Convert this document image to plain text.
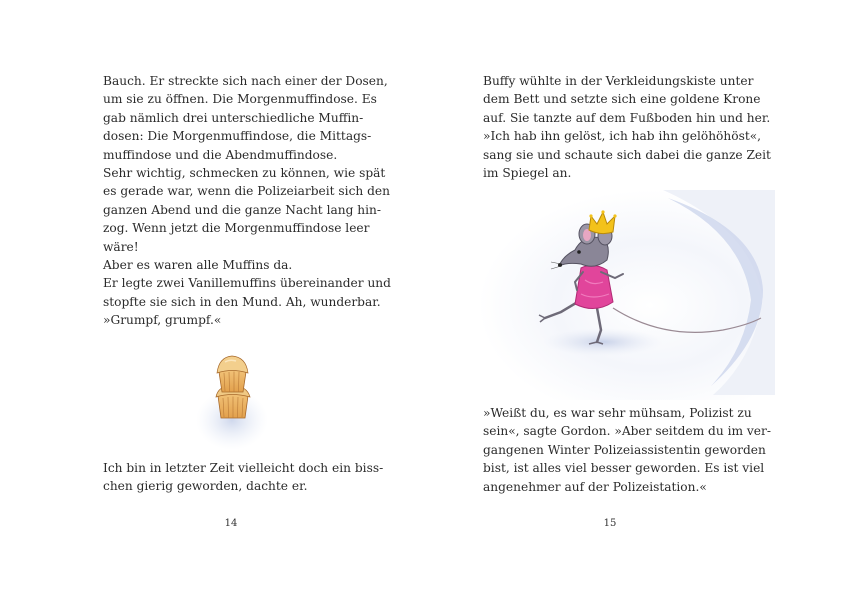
Bauch. Er streckte sich nach einer der Dosen,
um sie zu öffnen. Die Morgenmuffindose. Es
gab nämlich drei unterschiedliche Muffin-
dosen: Die Morgenmuffindose, die Mittags-
muffindose und die Abendmuffindose.
Sehr wichtig, schmecken zu können, wie spät
es gerade war, wenn die Polizeiarbeit sich den
ganzen Abend und die ganze Nacht lang hin-
zog. Wenn jetzt die Morgenmuffindose leer
wäre!
Aber es waren alle Muffins da.
Er legte zwei Vanillemuffins übereinander und
stopfte sie sich in den Mund. Ah, wunderbar.
»Grumpf, grumpf.«
Ich bin in letzter Zeit vielleicht doch ein biss-
chen gierig geworden, dachte er.
14
Buffy wühlte in der Verkleidungskiste unter
dem Bett und setzte sich eine goldene Krone
auf. Sie tanzte auf dem Fußboden hin und her.
»Ich hab ihn gelöst, ich hab ihn gelöhöhöst«,
sang sie und schaute sich dabei die ganze Zeit
im Spiegel an.
»Weißt du, es war sehr mühsam, Polizist zu
sein«, sagte Gordon. »Aber seitdem du im ver-
gangenen Winter Polizeiassistentin geworden
bist, ist alles viel besser geworden. Es ist viel
angenehmer auf der Polizeistation.«
15
